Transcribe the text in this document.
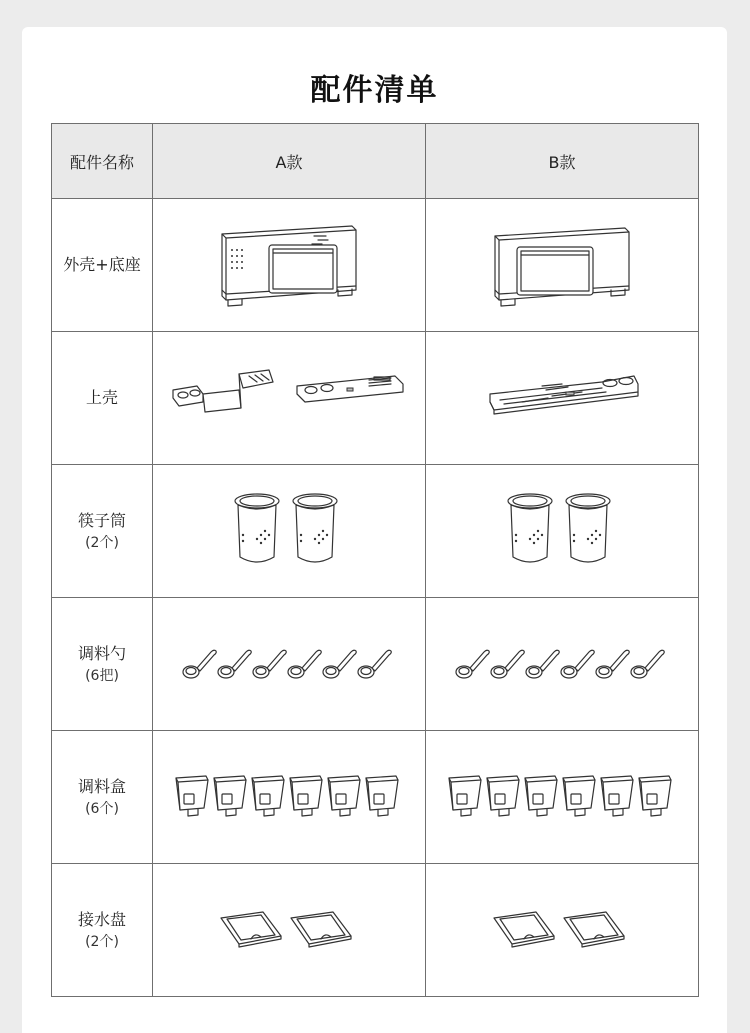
配件清单
配件名称	A款	B款

外壳+底座

上壳

筷子筒
(2个)

调料勺
(6把)

调料盒
(6个)

接水盘
(2个)
